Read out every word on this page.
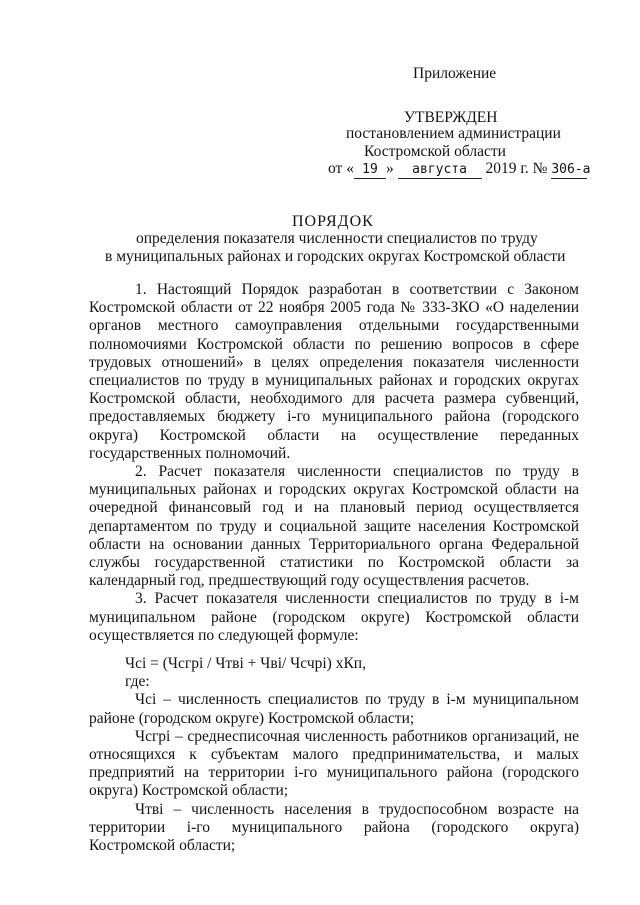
Приложение
УТВЕРЖДЕН
постановлением администрации
Костромской области
от « 19 » августа 2019 г. № 306-а
ПОРЯДОК
определения показателя численности специалистов по труду
в муниципальных районах и городских округах Костромской области

1. Настоящий Порядок разработан в соответствии с Законом Костромской области от 22 ноября 2005 года № 333-ЗКО «О наделении органов местного самоуправления отдельными государственными полномочиями Костромской области по решению вопросов в сфере трудовых отношений» в целях определения показателя численности специалистов по труду в муниципальных районах и городских округах Костромской области, необходимого для расчета размера субвенций, предоставляемых бюджету i-го муниципального района (городского округа) Костромской области на осуществление переданных государственных полномочий.

2. Расчет показателя численности специалистов по труду в муниципальных районах и городских округах Костромской области на очередной финансовый год и на плановый период осуществляется департаментом по труду и социальной защите населения Костромской области на основании данных Территориального органа Федеральной службы государственной статистики по Костромской области за календарный год, предшествующий году осуществления расчетов.

3. Расчет показателя численности специалистов по труду в i-м муниципальном районе (городском округе) Костромской области осуществляется по следующей формуле:

Чсi = (Чсгрi / Чтвi + Чвi/ Чсчрi) хКп,

где:

Чсi – численность специалистов по труду в i-м муниципальном районе (городском округе) Костромской области;

Чсгрi – среднесписочная численность работников организаций, не относящихся к субъектам малого предпринимательства, и малых предприятий на территории i-го муниципального района (городского округа) Костромской области;

Чтвi – численность населения в трудоспособном возрасте на территории i-го муниципального района (городского округа) Костромской области;
